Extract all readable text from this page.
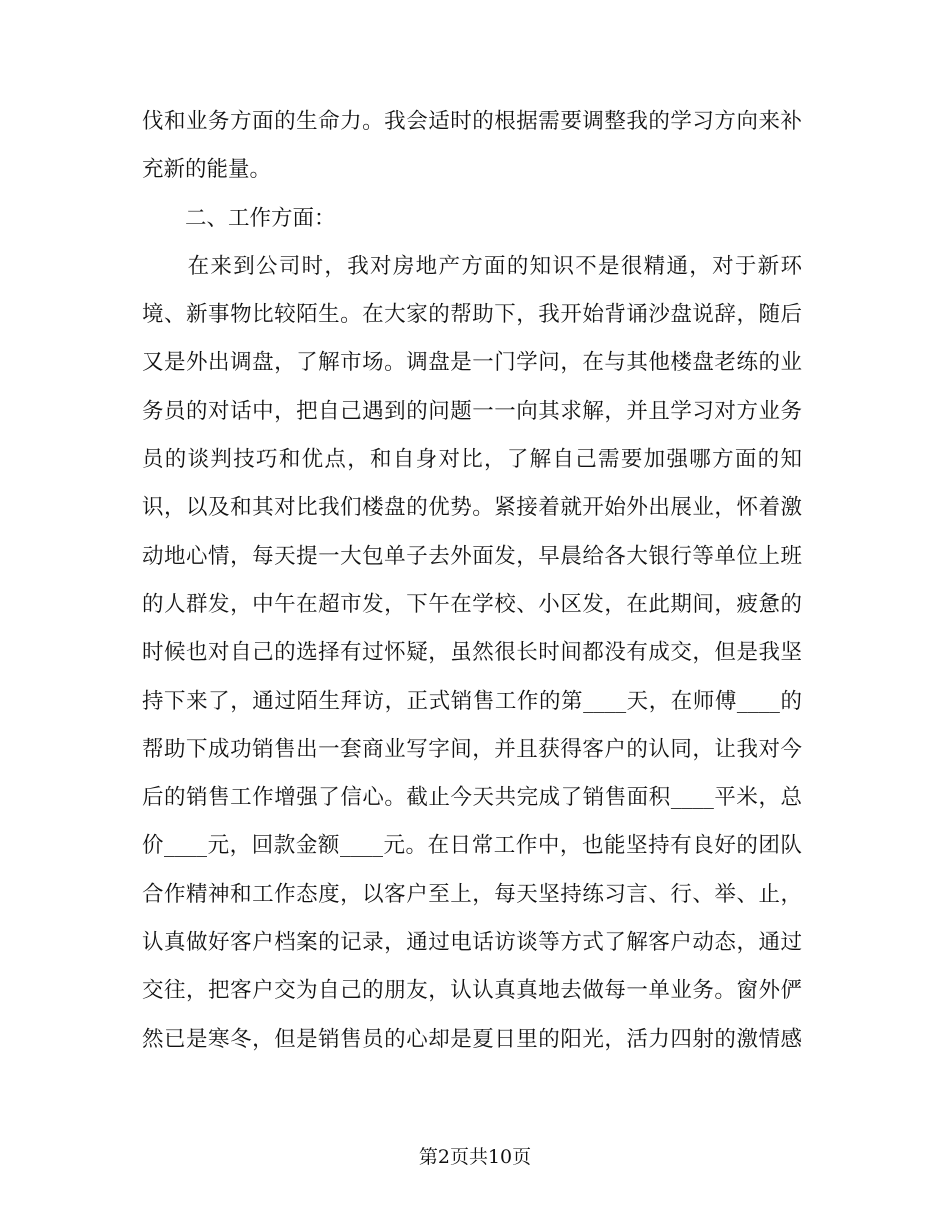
伐和业务方面的生命力。我会适时的根据需要调整我的学习方向来补
充新的能量。
　　二、工作方面：
　　在来到公司时，我对房地产方面的知识不是很精通，对于新环
境、新事物比较陌生。在大家的帮助下，我开始背诵沙盘说辞，随后
又是外出调盘，了解市场。调盘是一门学问，在与其他楼盘老练的业
务员的对话中，把自己遇到的问题一一向其求解，并且学习对方业务
员的谈判技巧和优点，和自身对比，了解自己需要加强哪方面的知
识，以及和其对比我们楼盘的优势。紧接着就开始外出展业，怀着激
动地心情，每天提一大包单子去外面发，早晨给各大银行等单位上班
的人群发，中午在超市发，下午在学校、小区发，在此期间，疲惫的
时候也对自己的选择有过怀疑，虽然很长时间都没有成交，但是我坚
持下来了，通过陌生拜访，正式销售工作的第____天，在师傅____的
帮助下成功销售出一套商业写字间，并且获得客户的认同，让我对今
后的销售工作增强了信心。截止今天共完成了销售面积____平米，总
价____元，回款金额____元。在日常工作中，也能坚持有良好的团队
合作精神和工作态度，以客户至上，每天坚持练习言、行、举、止，
认真做好客户档案的记录，通过电话访谈等方式了解客户动态，通过
交往，把客户交为自己的朋友，认认真真地去做每一单业务。窗外俨
然已是寒冬，但是销售员的心却是夏日里的阳光，活力四射的激情感
第2页共10页
